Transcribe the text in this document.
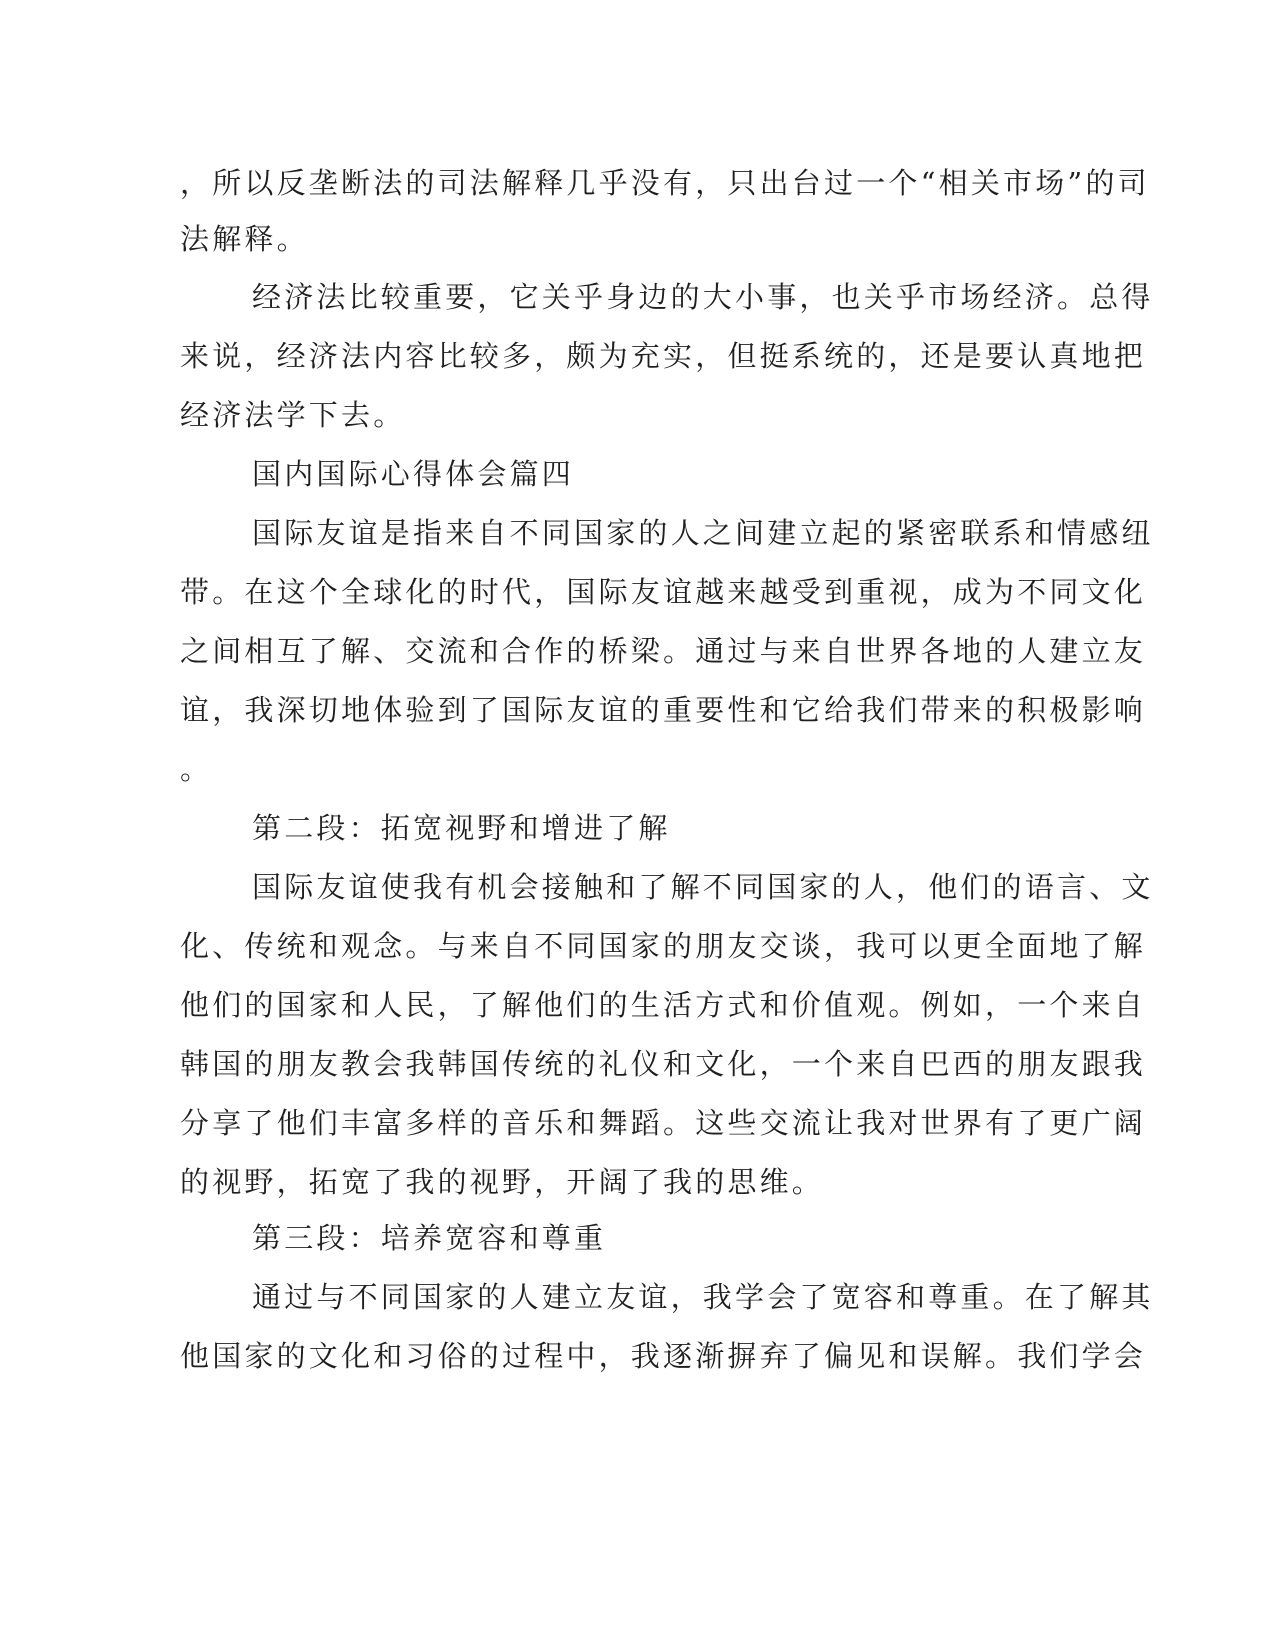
，所以反垄断法的司法解释几乎没有，只出台过一个“相关市场”的司
法解释。
经济法比较重要，它关乎身边的大小事，也关乎市场经济。总得
来说，经济法内容比较多，颇为充实，但挺系统的，还是要认真地把
经济法学下去。
国内国际心得体会篇四
国际友谊是指来自不同国家的人之间建立起的紧密联系和情感纽
带。在这个全球化的时代，国际友谊越来越受到重视，成为不同文化
之间相互了解、交流和合作的桥梁。通过与来自世界各地的人建立友
谊，我深切地体验到了国际友谊的重要性和它给我们带来的积极影响
。
第二段：拓宽视野和增进了解
国际友谊使我有机会接触和了解不同国家的人，他们的语言、文
化、传统和观念。与来自不同国家的朋友交谈，我可以更全面地了解
他们的国家和人民，了解他们的生活方式和价值观。例如，一个来自
韩国的朋友教会我韩国传统的礼仪和文化，一个来自巴西的朋友跟我
分享了他们丰富多样的音乐和舞蹈。这些交流让我对世界有了更广阔
的视野，拓宽了我的视野，开阔了我的思维。
第三段：培养宽容和尊重
通过与不同国家的人建立友谊，我学会了宽容和尊重。在了解其
他国家的文化和习俗的过程中，我逐渐摒弃了偏见和误解。我们学会
